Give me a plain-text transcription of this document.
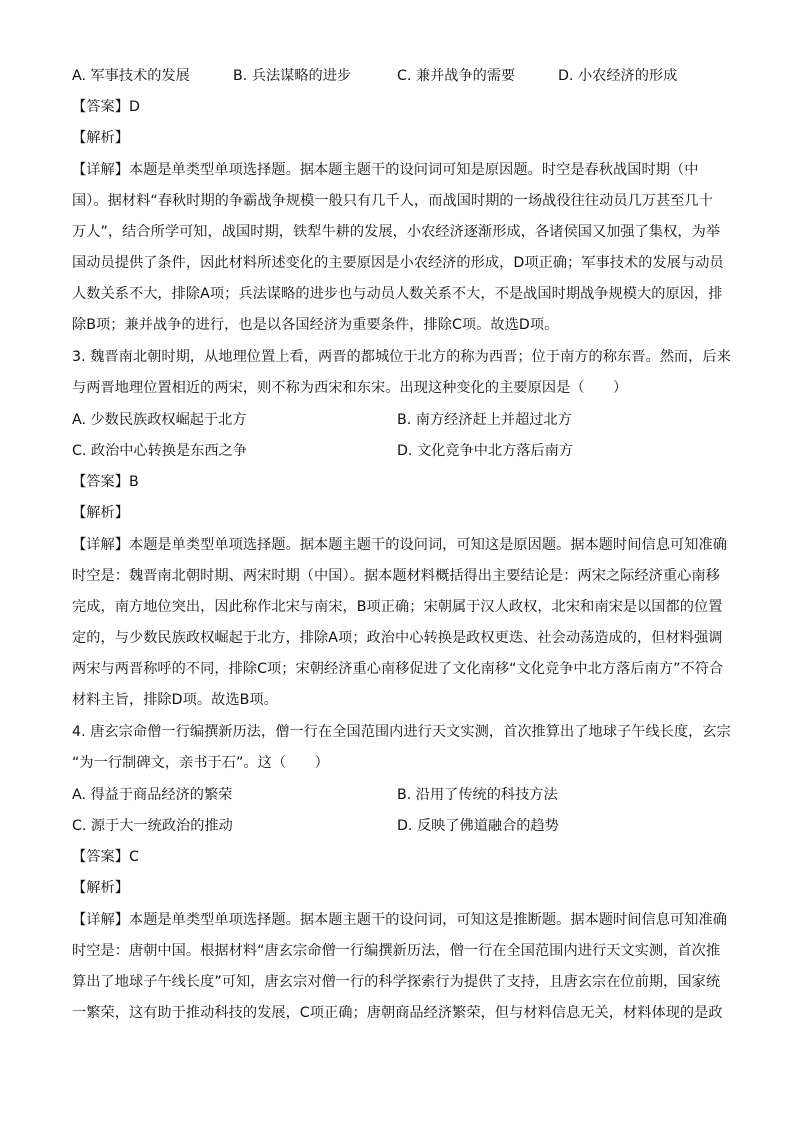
A. 军事技术的发展	B. 兵法谋略的进步	C. 兼并战争的需要	D. 小农经济的形成
【答案】D
【解析】
【详解】本题是单类型单项选择题。据本题主题干的设问词可知是原因题。时空是春秋战国时期（中
国）。据材料“春秋时期的争霸战争规模一般只有几千人，而战国时期的一场战役往往动员几万甚至几十
万人”，结合所学可知，战国时期，铁犁牛耕的发展，小农经济逐渐形成，各诸侯国又加强了集权，为举
国动员提供了条件，因此材料所述变化的主要原因是小农经济的形成，D项正确；军事技术的发展与动员
人数关系不大，排除A项；兵法谋略的进步也与动员人数关系不大，不是战国时期战争规模大的原因，排
除B项；兼并战争的进行，也是以各国经济为重要条件，排除C项。故选D项。
3. 魏晋南北朝时期，从地理位置上看，两晋的都城位于北方的称为西晋；位于南方的称东晋。然而，后来
与两晋地理位置相近的两宋，则不称为西宋和东宋。出现这种变化的主要原因是（　　）
A. 少数民族政权崛起于北方	B. 南方经济赶上并超过北方
C. 政治中心转换是东西之争	D. 文化竞争中北方落后南方
【答案】B
【解析】
【详解】本题是单类型单项选择题。据本题主题干的设问词，可知这是原因题。据本题时间信息可知准确
时空是：魏晋南北朝时期、两宋时期（中国）。据本题材料概括得出主要结论是：两宋之际经济重心南移
完成，南方地位突出，因此称作北宋与南宋，B项正确；宋朝属于汉人政权，北宋和南宋是以国都的位置
定的，与少数民族政权崛起于北方，排除A项；政治中心转换是政权更迭、社会动荡造成的，但材料强调
两宋与两晋称呼的不同，排除C项；宋朝经济重心南移促进了文化南移“文化竞争中北方落后南方”不符合
材料主旨，排除D项。故选B项。
4. 唐玄宗命僧一行编撰新历法，僧一行在全国范围内进行天文实测，首次推算出了地球子午线长度，玄宗
“为一行制碑文，亲书于石”。这（　　）
A. 得益于商品经济的繁荣	B. 沿用了传统的科技方法
C. 源于大一统政治的推动	D. 反映了佛道融合的趋势
【答案】C
【解析】
【详解】本题是单类型单项选择题。据本题主题干的设问词，可知这是推断题。据本题时间信息可知准确
时空是：唐朝中国。根据材料“唐玄宗命僧一行编撰新历法，僧一行在全国范围内进行天文实测，首次推
算出了地球子午线长度”可知，唐玄宗对僧一行的科学探索行为提供了支持，且唐玄宗在位前期，国家统
一繁荣，这有助于推动科技的发展，C项正确；唐朝商品经济繁荣，但与材料信息无关，材料体现的是政
